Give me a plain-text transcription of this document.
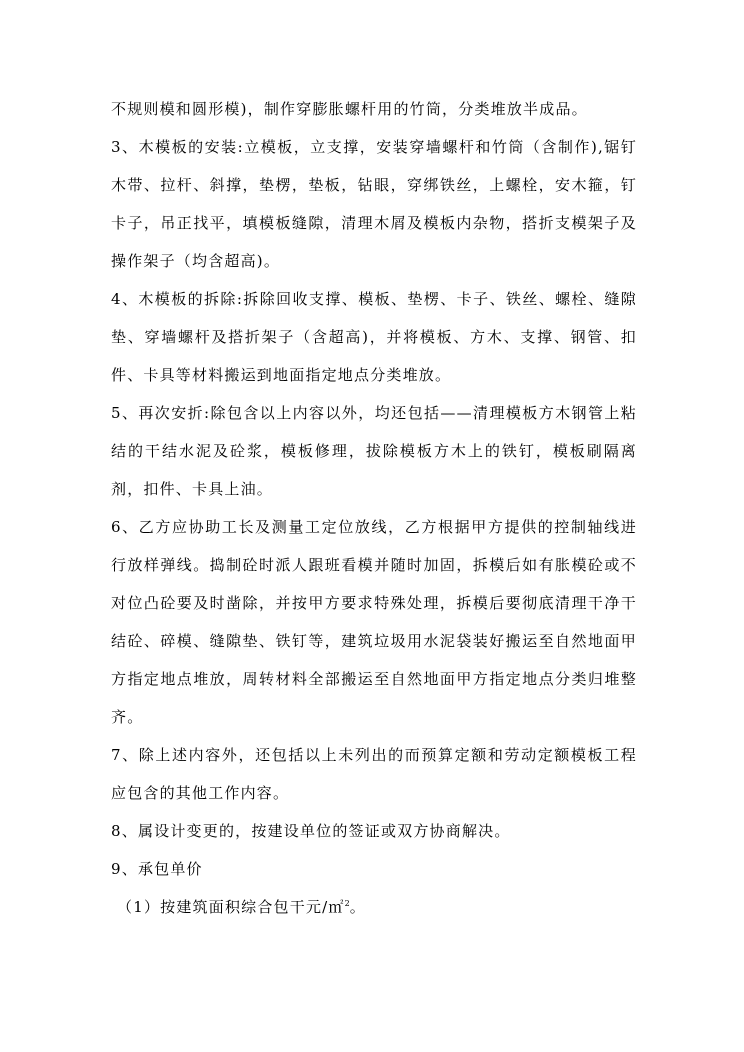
不规则模和圆形模)，制作穿膨胀螺杆用的竹筒，分类堆放半成品。

3、木模板的安装:立模板，立支撑，安装穿墙螺杆和竹筒（含制作),锯钉木带、拉杆、斜撑，垫楞，垫板，钻眼，穿绑铁丝，上螺栓，安木箍，钉卡子，吊正找平，填模板缝隙，清理木屑及模板内杂物，搭折支模架子及操作架子（均含超高)。

4、木模板的拆除:拆除回收支撑、模板、垫楞、卡子、铁丝、螺栓、缝隙垫、穿墙螺杆及搭折架子（含超高)，并将模板、方木、支撑、钢管、扣件、卡具等材料搬运到地面指定地点分类堆放。

5、再次安折:除包含以上内容以外，均还包括——清理模板方木钢管上粘结的干结水泥及砼浆，模板修理，拔除模板方木上的铁钉，模板刷隔离剂，扣件、卡具上油。

6、乙方应协助工长及测量工定位放线，乙方根据甲方提供的控制轴线进行放样弹线。捣制砼时派人跟班看模并随时加固，拆模后如有胀模砼或不对位凸砼要及时凿除，并按甲方要求特殊处理，拆模后要彻底清理干净干结砼、碎模、缝隙垫、铁钉等，建筑垃圾用水泥袋装好搬运至自然地面甲方指定地点堆放，周转材料全部搬运至自然地面甲方指定地点分类归堆整齐。

7、除上述内容外，还包括以上未列出的而预算定额和劳动定额模板工程应包含的其他工作内容。

8、属设计变更的，按建设单位的签证或双方协商解决。

9、承包单价

（1）按建筑面积综合包干元/㎡$^2$。
